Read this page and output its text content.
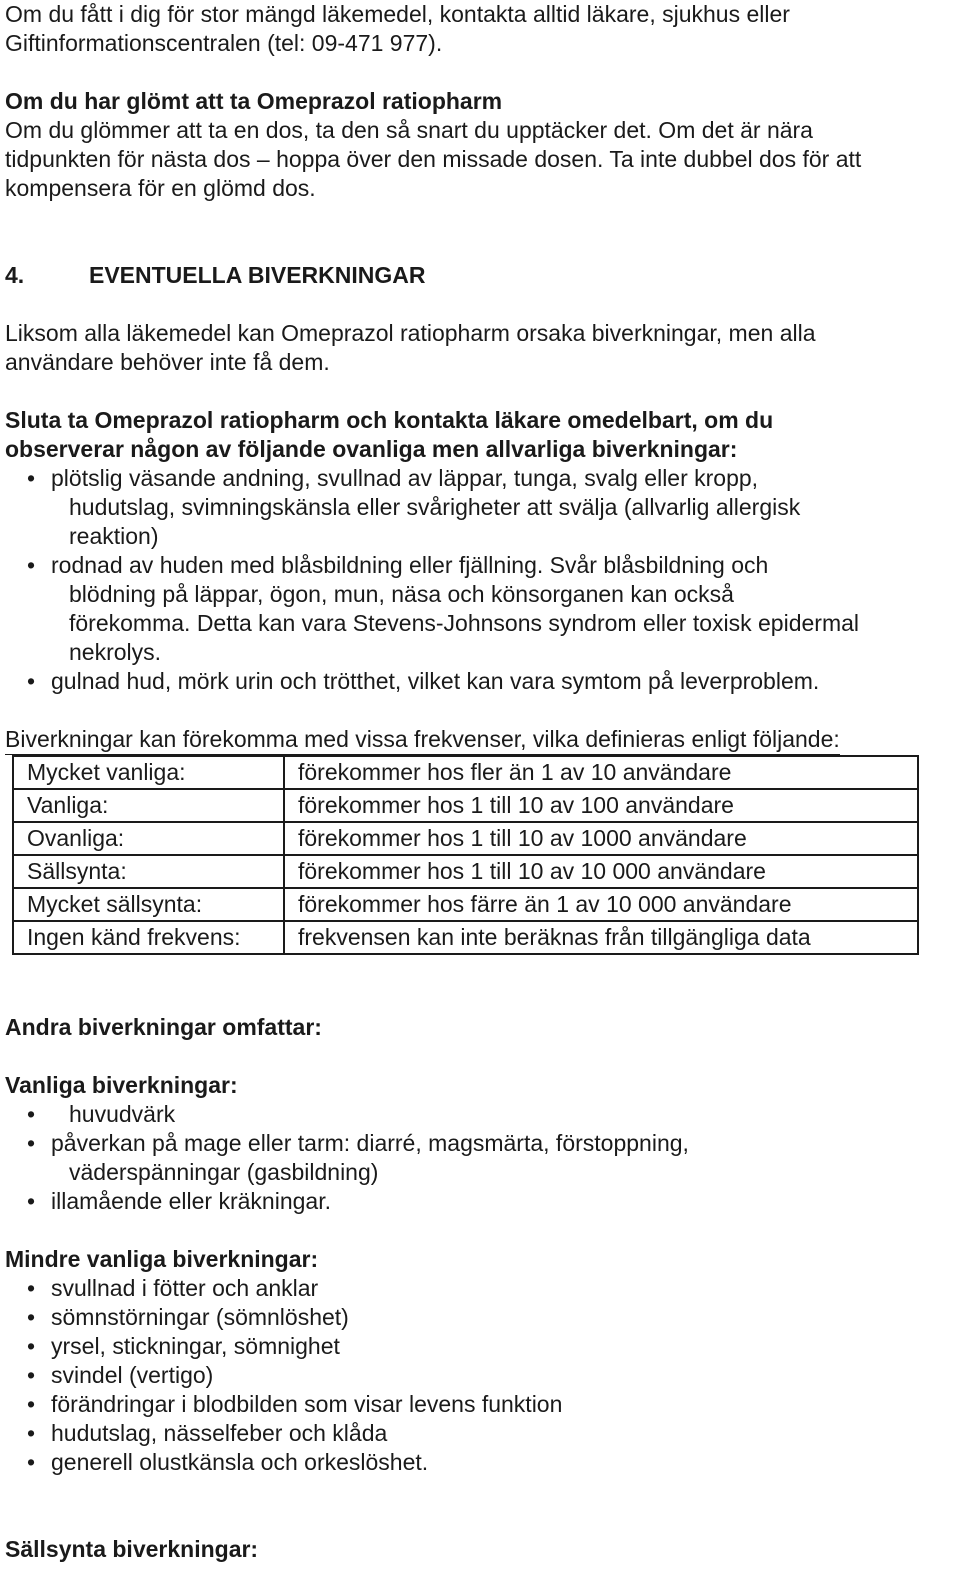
Om du fått i dig för stor mängd läkemedel, kontakta alltid läkare, sjukhus eller
Giftinformationscentralen (tel: 09-471 977).

Om du har glömt att ta Omeprazol ratiopharm
Om du glömmer att ta en dos, ta den så snart du upptäcker det. Om det är nära
tidpunkten för nästa dos – hoppa över den missade dosen. Ta inte dubbel dos för att
kompensera för en glömd dos.

4.	EVENTUELLA BIVERKNINGAR

Liksom alla läkemedel kan Omeprazol ratiopharm orsaka biverkningar, men alla
användare behöver inte få dem.

Sluta ta Omeprazol ratiopharm och kontakta läkare omedelbart, om du
observerar någon av följande ovanliga men allvarliga biverkningar:

• plötslig väsande andning, svullnad av läppar, tunga, svalg eller kropp,
hudutslag, svimningskänsla eller svårigheter att svälja (allvarlig allergisk
reaktion)
• rodnad av huden med blåsbildning eller fjällning. Svår blåsbildning och
blödning på läppar, ögon, mun, näsa och könsorganen kan också
förekomma. Detta kan vara Stevens-Johnsons syndrom eller toxisk epidermal
nekrolys.
• gulnad hud, mörk urin och trötthet, vilket kan vara symtom på leverproblem.

Biverkningar kan förekomma med vissa frekvenser, vilka definieras enligt följande:

Mycket vanliga:	förekommer hos fler än 1 av 10 användare
Vanliga:	förekommer hos 1 till 10 av 100 användare
Ovanliga:	förekommer hos 1 till 10 av 1000 användare
Sällsynta:	förekommer hos 1 till 10 av 10 000 användare
Mycket sällsynta:	förekommer hos färre än 1 av 10 000 användare
Ingen känd frekvens:	frekvensen kan inte beräknas från tillgängliga data

Andra biverkningar omfattar:

Vanliga biverkningar:

• huvudvärk
• påverkan på mage eller tarm: diarré, magsmärta, förstoppning,
väderspänningar (gasbildning)
• illamående eller kräkningar.

Mindre vanliga biverkningar:

• svullnad i fötter och anklar
• sömnstörningar (sömnlöshet)
• yrsel, stickningar, sömnighet
• svindel (vertigo)
• förändringar i blodbilden som visar levens funktion
• hudutslag, nässelfeber och klåda
• generell olustkänsla och orkeslöshet.

Sällsynta biverkningar:
